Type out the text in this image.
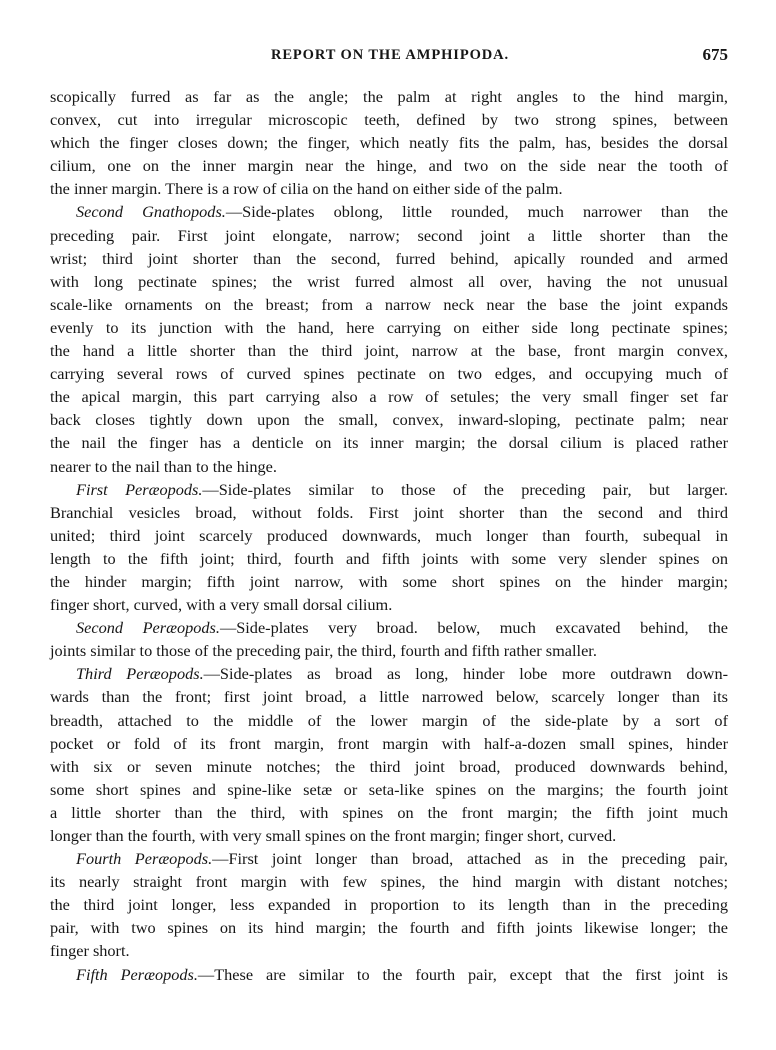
REPORT ON THE AMPHIPODA.	675
scopically furred as far as the angle; the palm at right angles to the hind margin,
convex, cut into irregular microscopic teeth, defined by two strong spines, between
which the finger closes down; the finger, which neatly fits the palm, has, besides the dorsal
cilium, one on the inner margin near the hinge, and two on the side near the tooth of
the inner margin. There is a row of cilia on the hand on either side of the palm.
Second Gnathopods.—Side-plates oblong, little rounded, much narrower than the
preceding pair. First joint elongate, narrow; second joint a little shorter than the
wrist; third joint shorter than the second, furred behind, apically rounded and armed
with long pectinate spines; the wrist furred almost all over, having the not unusual
scale-like ornaments on the breast; from a narrow neck near the base the joint expands
evenly to its junction with the hand, here carrying on either side long pectinate spines;
the hand a little shorter than the third joint, narrow at the base, front margin convex,
carrying several rows of curved spines pectinate on two edges, and occupying much of
the apical margin, this part carrying also a row of setules; the very small finger set far
back closes tightly down upon the small, convex, inward-sloping, pectinate palm; near
the nail the finger has a denticle on its inner margin; the dorsal cilium is placed rather
nearer to the nail than to the hinge.
First Peræopods.—Side-plates similar to those of the preceding pair, but larger.
Branchial vesicles broad, without folds. First joint shorter than the second and third
united; third joint scarcely produced downwards, much longer than fourth, subequal in
length to the fifth joint; third, fourth and fifth joints with some very slender spines on
the hinder margin; fifth joint narrow, with some short spines on the hinder margin;
finger short, curved, with a very small dorsal cilium.
Second Peræopods.—Side-plates very broad. below, much excavated behind, the
joints similar to those of the preceding pair, the third, fourth and fifth rather smaller.
Third Peræopods.—Side-plates as broad as long, hinder lobe more outdrawn down-
wards than the front; first joint broad, a little narrowed below, scarcely longer than its
breadth, attached to the middle of the lower margin of the side-plate by a sort of
pocket or fold of its front margin, front margin with half-a-dozen small spines, hinder
with six or seven minute notches; the third joint broad, produced downwards behind,
some short spines and spine-like setæ or seta-like spines on the margins; the fourth joint
a little shorter than the third, with spines on the front margin; the fifth joint much
longer than the fourth, with very small spines on the front margin; finger short, curved.
Fourth Peræopods.—First joint longer than broad, attached as in the preceding pair,
its nearly straight front margin with few spines, the hind margin with distant notches;
the third joint longer, less expanded in proportion to its length than in the preceding
pair, with two spines on its hind margin; the fourth and fifth joints likewise longer; the
finger short.
Fifth Peræopods.—These are similar to the fourth pair, except that the first joint is
